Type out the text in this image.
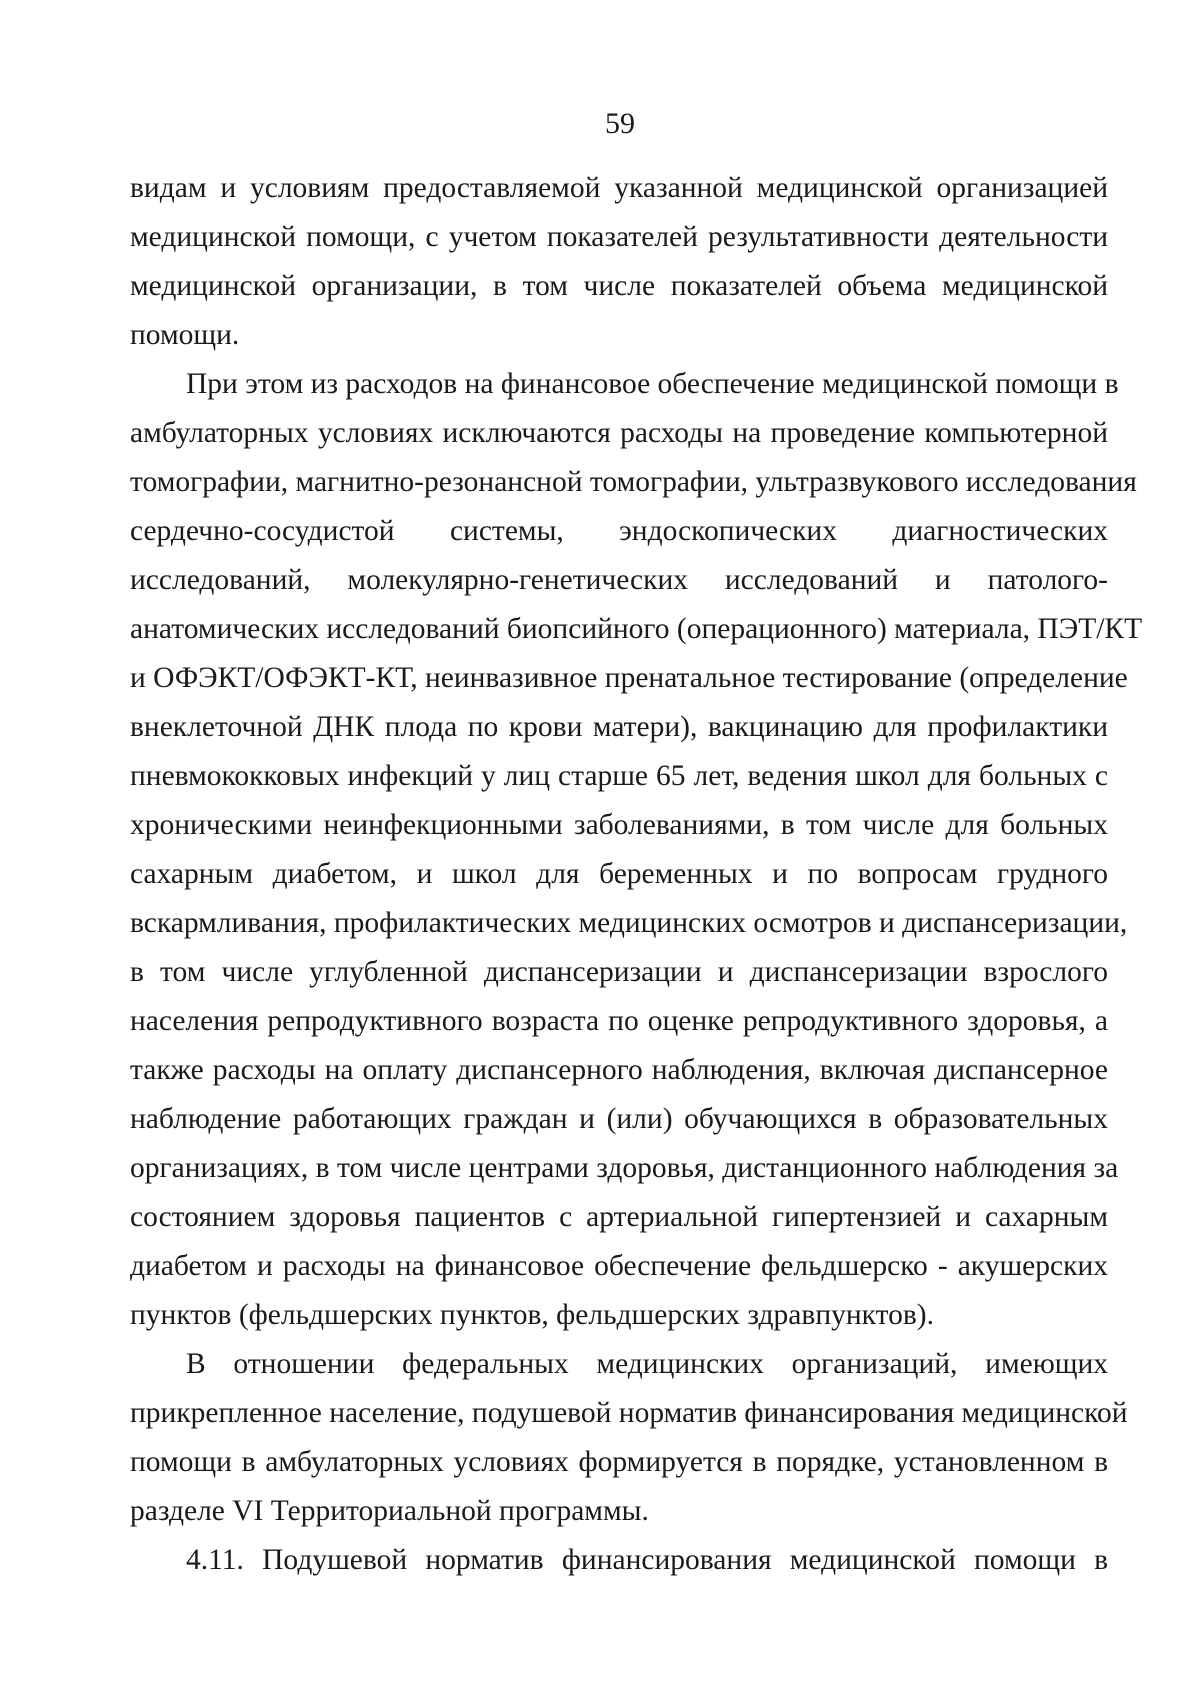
59

видам и условиям предоставляемой указанной медицинской организацией
медицинской помощи, с учетом показателей результативности деятельности
медицинской организации, в том числе показателей объема медицинской
помощи.

При этом из расходов на финансовое обеспечение медицинской помощи в
амбулаторных условиях исключаются расходы на проведение компьютерной
томографии, магнитно-резонансной томографии, ультразвукового исследования
сердечно-сосудистой системы, эндоскопических диагностических
исследований, молекулярно-генетических исследований и патолого-
анатомических исследований биопсийного (операционного) материала, ПЭТ/КТ
и ОФЭКТ/ОФЭКТ-КТ, неинвазивное пренатальное тестирование (определение
внеклеточной ДНК плода по крови матери), вакцинацию для профилактики
пневмококковых инфекций у лиц старше 65 лет, ведения школ для больных с
хроническими неинфекционными заболеваниями, в том числе для больных
сахарным диабетом, и школ для беременных и по вопросам грудного
вскармливания, профилактических медицинских осмотров и диспансеризации,
в том числе углубленной диспансеризации и диспансеризации взрослого
населения репродуктивного возраста по оценке репродуктивного здоровья, а
также расходы на оплату диспансерного наблюдения, включая диспансерное
наблюдение работающих граждан и (или) обучающихся в образовательных
организациях, в том числе центрами здоровья, дистанционного наблюдения за
состоянием здоровья пациентов с артериальной гипертензией и сахарным
диабетом и расходы на финансовое обеспечение фельдшерско - акушерских
пунктов (фельдшерских пунктов, фельдшерских здравпунктов).

В отношении федеральных медицинских организаций, имеющих
прикрепленное население, подушевой норматив финансирования медицинской
помощи в амбулаторных условиях формируется в порядке, установленном в
разделе VI Территориальной программы.

4.11. Подушевой норматив финансирования медицинской помощи в
